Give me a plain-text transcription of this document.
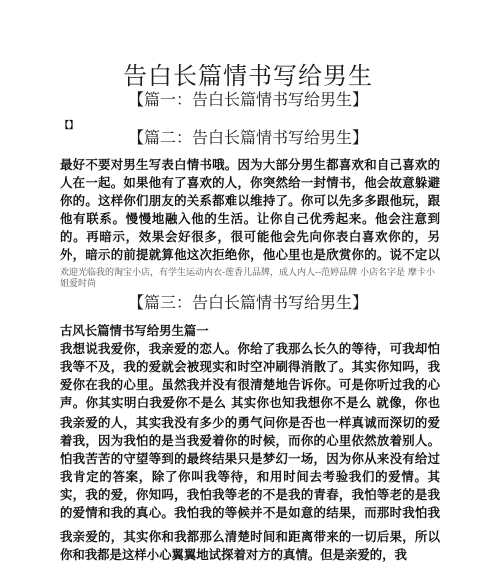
告白长篇情书写给男生
【篇一：告白长篇情书写给男生】
【】
【篇二：告白长篇情书写给男生】
最好不要对男生写表白情书哦。因为大部分男生都喜欢和自己喜欢的人在一起。如果他有了喜欢的人，你突然给一封情书，他会故意躲避你的。这样你们朋友的关系都难以维持了。你可以先多多跟他玩，跟他有联系。慢慢地融入他的生活。让你自己优秀起来。他会注意到的。再暗示，效果会好很多，很可能他会先向你表白喜欢你的，另外，暗示的前提就算他这次拒绝你，他心里也是欣赏你的。说不定以
欢迎光临我的淘宝小店，有学生运动内衣-莲香儿品牌，成人内人--范婷品牌 小店名字是 摩卡小姐爱时尚
【篇三：告白长篇情书写给男生】
古风长篇情书写给男生篇一
我想说我爱你，我亲爱的恋人。你给了我那么长久的等待，可我却怕我等不及，我的爱就会被现实和时空冲刷得消散了。其实你知吗，我爱你在我的心里。虽然我并没有很清楚地告诉你。可是你听过我的心声。你其实明白我爱你不是么 其实你也知我想你不是么 就像，你也
我亲爱的人，其实我没有多少的勇气问你是否也一样真诚而深切的爱着我，因为我怕的是当我爱着你的时候，而你的心里依然放着别人。怕我苦苦的守望等到的最终结果只是梦幻一场，因为你从来没有给过我肯定的答案，除了你叫我等待，和用时间去考验我们的爱情。其实，我的爱，你知吗，我怕我等老的不是我的青春，我怕等老的是我的爱情和我的真心。我怕我的等候并不是如意的结果，而那时我怕我
我亲爱的，其实你和我都那么清楚时间和距离带来的一切后果，所以你和我都是这样小心翼翼地试探着对方的真情。但是亲爱的，我
